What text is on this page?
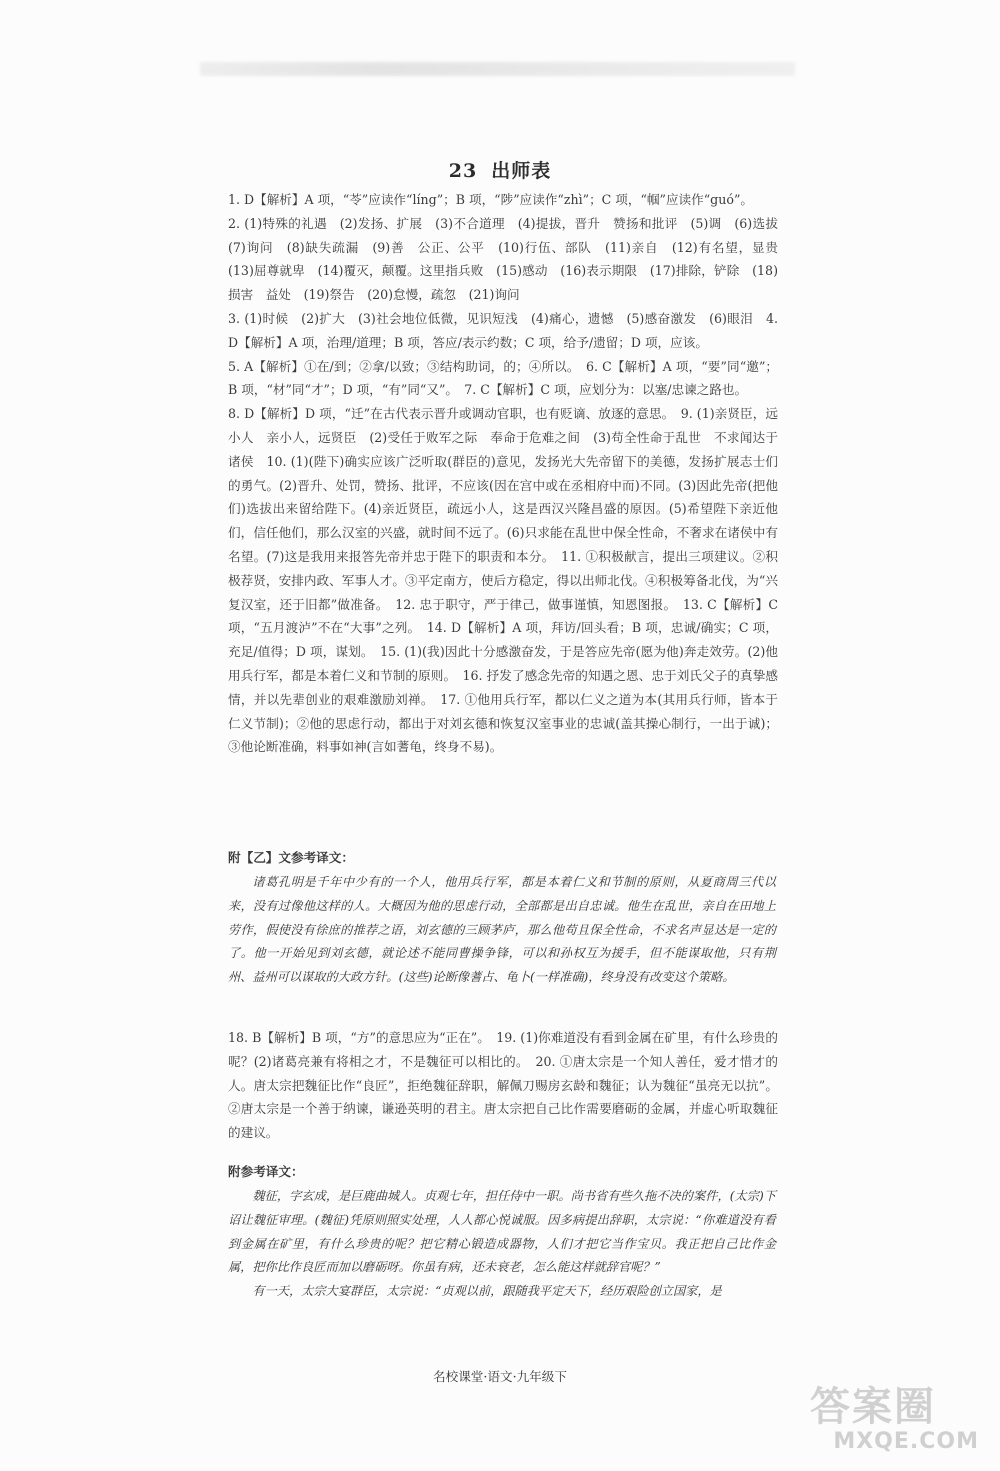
23 出师表

1. D【解析】A 项，“苓”应读作“líng”；B 项，“陟”应读作“zhì”；C 项，“帼”应读作“guó”。

2. (1)特殊的礼遇　(2)发扬、扩展　(3)不合道理　(4)提拔，晋升　赞扬和批评　(5)调　(6)选拔　(7)询问　(8)缺失疏漏　(9)善　公正、公平　(10)行伍、部队　(11)亲自　(12)有名望，显贵　(13)屈尊就卑　(14)覆灭，颠覆。这里指兵败　(15)感动　(16)表示期限　(17)排除，铲除　(18)损害　益处　(19)祭告　(20)怠慢，疏忽　(21)询问

3. (1)时候　(2)扩大　(3)社会地位低微，见识短浅　(4)痛心，遗憾　(5)感奋激发　(6)眼泪　4. D【解析】A 项，治理/道理；B 项，答应/表示约数；C 项，给予/遗留；D 项，应该。

5. A【解析】①在/到；②拿/以致；③结构助词，的；④所以。　6. C【解析】A 项，“要”同“邀”；B 项，“材”同“才”；D 项，“有”同“又”。　7. C【解析】C 项，应划分为：以塞/忠谏之路也。

8. D【解析】D 项，“迁”在古代表示晋升或调动官职，也有贬谪、放逐的意思。　9. (1)亲贤臣，远小人　亲小人，远贤臣　(2)受任于败军之际　奉命于危难之间　(3)苟全性命于乱世　不求闻达于诸侯　10. (1)(陛下)确实应该广泛听取(群臣的)意见，发扬光大先帝留下的美德，发扬扩展志士们的勇气。(2)晋升、处罚，赞扬、批评，不应该(因在宫中或在丞相府中而)不同。(3)因此先帝(把他们)选拔出来留给陛下。(4)亲近贤臣，疏远小人，这是西汉兴隆昌盛的原因。(5)希望陛下亲近他们，信任他们，那么汉室的兴盛，就时间不远了。(6)只求能在乱世中保全性命，不奢求在诸侯中有名望。(7)这是我用来报答先帝并忠于陛下的职责和本分。　11. ①积极献言，提出三项建议。②积极荐贤，安排内政、军事人才。③平定南方，使后方稳定，得以出师北伐。④积极筹备北伐，为“兴复汉室，还于旧都”做准备。　12. 忠于职守，严于律己，做事谨慎，知恩图报。　13. C【解析】C 项，“五月渡泸”不在“大事”之列。　14. D【解析】A 项，拜访/回头看；B 项，忠诚/确实；C 项，充足/值得；D 项，谋划。　15. (1)(我)因此十分感激奋发，于是答应先帝(愿为他)奔走效劳。(2)他用兵行军，都是本着仁义和节制的原则。　16. 抒发了感念先帝的知遇之恩、忠于刘氏父子的真挚感情，并以先辈创业的艰难激励刘禅。　17. ①他用兵行军，都以仁义之道为本(其用兵行师，皆本于仁义节制)；②他的思虑行动，都出于对刘玄德和恢复汉室事业的忠诚(盖其操心制行，一出于诚)；③他论断准确，料事如神(言如蓍龟，终身不易)。

附【乙】文参考译文：

诸葛孔明是千年中少有的一个人，他用兵行军，都是本着仁义和节制的原则，从夏商周三代以来，没有过像他这样的人。大概因为他的思虑行动，全部都是出自忠诚。他生在乱世，亲自在田地上劳作，假使没有徐庶的推荐之语，刘玄德的三顾茅庐，那么他苟且保全性命，不求名声显达是一定的了。他一开始见到刘玄德，就论述不能同曹操争锋，可以和孙权互为援手，但不能谋取他，只有荆州、益州可以谋取的大政方针。(这些)论断像蓍占、龟卜(一样准确)，终身没有改变这个策略。

18. B【解析】B 项，“方”的意思应为“正在”。　19. (1)你难道没有看到金属在矿里，有什么珍贵的呢？(2)诸葛亮兼有将相之才，不是魏征可以相比的。　20. ①唐太宗是一个知人善任，爱才惜才的人。唐太宗把魏征比作“良匠”，拒绝魏征辞职，解佩刀赐房玄龄和魏征；认为魏征“虽亮无以抗”。②唐太宗是一个善于纳谏，谦逊英明的君主。唐太宗把自己比作需要磨砺的金属，并虚心听取魏征的建议。

附参考译文：

魏征，字玄成，是巨鹿曲城人。贞观七年，担任侍中一职。尚书省有些久拖不决的案件，(太宗)下诏让魏征审理。(魏征)凭原则照实处理，人人都心悦诚服。因多病提出辞职，太宗说：“你难道没有看到金属在矿里，有什么珍贵的呢？把它精心锻造成器物，人们才把它当作宝贝。我正把自己比作金属，把你比作良匠而加以磨砺呀。你虽有病，还未衰老，怎么能这样就辞官呢？”

有一天，太宗大宴群臣，太宗说：“贞观以前，跟随我平定天下，经历艰险创立国家，是

名校课堂·语文·九年级下
答案圈
MXQE.COM
